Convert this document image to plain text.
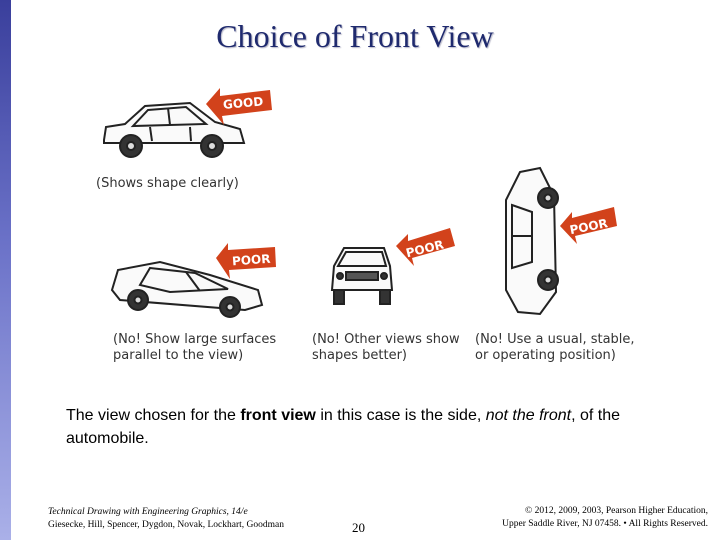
Choice of Front View
GOOD
(Shows shape clearly)
POOR	POOR
POOR
(No! Show large surfaces
parallel to the view)
(No! Other views show
shapes better)
(No! Use a usual, stable,
or operating position)
The view chosen for the front view in this case is the side, not the front, of the automobile.
Technical Drawing with Engineering Graphics, 14/e
Giesecke, Hill, Spencer, Dygdon, Novak, Lockhart, Goodman	20
© 2012, 2009, 2003, Pearson Higher Education,
Upper Saddle River, NJ 07458. • All Rights Reserved.
